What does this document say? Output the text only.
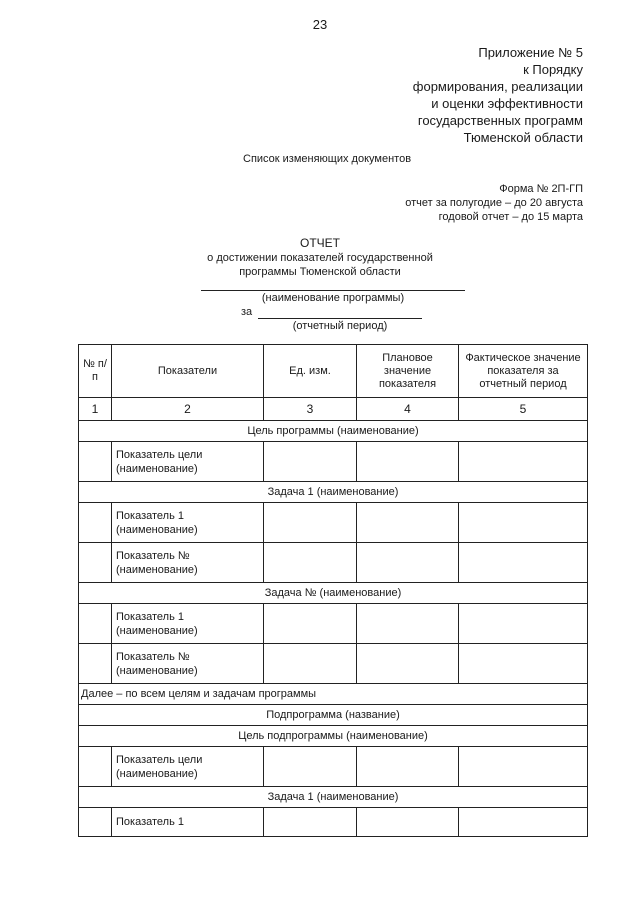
23
Приложение № 5
к Порядку
формирования, реализации
и оценки эффективности
государственных программ
Тюменской области
Список изменяющих документов
Форма № 2П-ГП
отчет за полугодие – до 20 августа
годовой отчет – до 15 марта
ОТЧЕТ
о достижении показателей государственной
программы Тюменской области
(наименование программы)
за
(отчетный период)
№ п/п	Показатели	Ед. изм.	Плановое значение показателя	Фактическое значение показателя за отчетный период
1	2	3	4	5
Цель программы (наименование)				
	Показатель цели (наименование)			
Задача 1 (наименование)				
	Показатель 1 (наименование)			
	Показатель № (наименование)			
Задача № (наименование)				
	Показатель 1 (наименование)			
	Показатель № (наименование)			
Далее – по всем целям и задачам программы				
Подпрограмма (название)				
Цель подпрограммы (наименование)				
	Показатель цели (наименование)			
Задача 1 (наименование)				
	Показатель 1			
